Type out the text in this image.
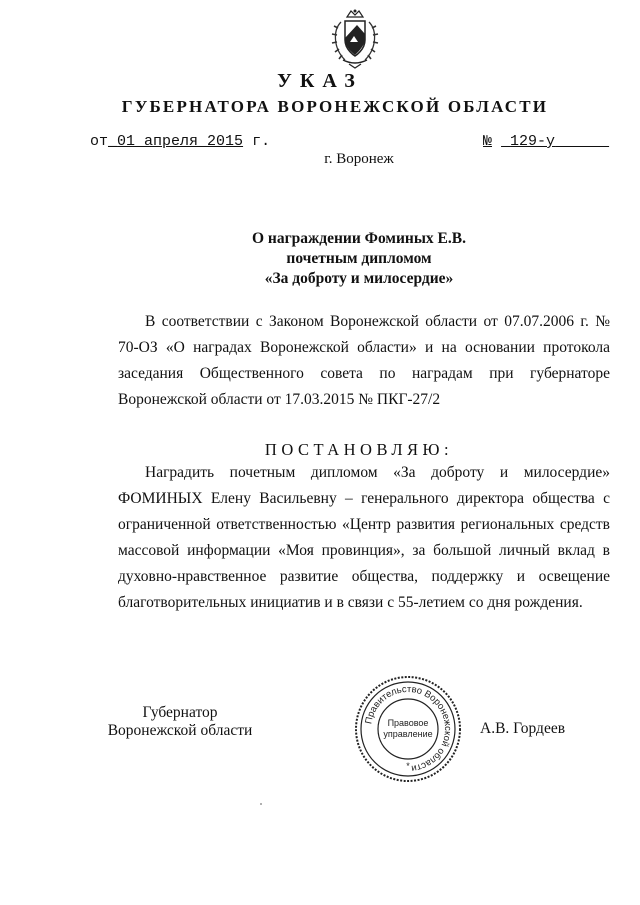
УКАЗ
ГУБЕРНАТОРА ВОРОНЕЖСКОЙ ОБЛАСТИ
от_01 апреля 2015 г.	№ 129-у
г. Воронеж
О награждении Фоминых Е.В.
почетным дипломом
«За доброту и милосердие»
В соответствии с Законом Воронежской области от 07.07.2006 г. № 70-ОЗ «О наградах Воронежской области» и на основании протокола заседания Общественного совета по наградам при губернаторе Воронежской области от 17.03.2015 № ПКГ-27/2
ПОСТАНОВЛЯЮ:
Наградить почетным дипломом «За доброту и милосердие» ФОМИНЫХ Елену Васильевну – генерального директора общества с ограниченной ответственностью «Центр развития региональных средств массовой информации «Моя провинция», за большой личный вклад в духовно-нравственное развитие общества, поддержку и освещение благотворительных инициатив и в связи с 55-летием со дня рождения.
Губернатор
Воронежской области
Правительство Воронежской области
Правовое
управление
*
А.В. Гордеев
